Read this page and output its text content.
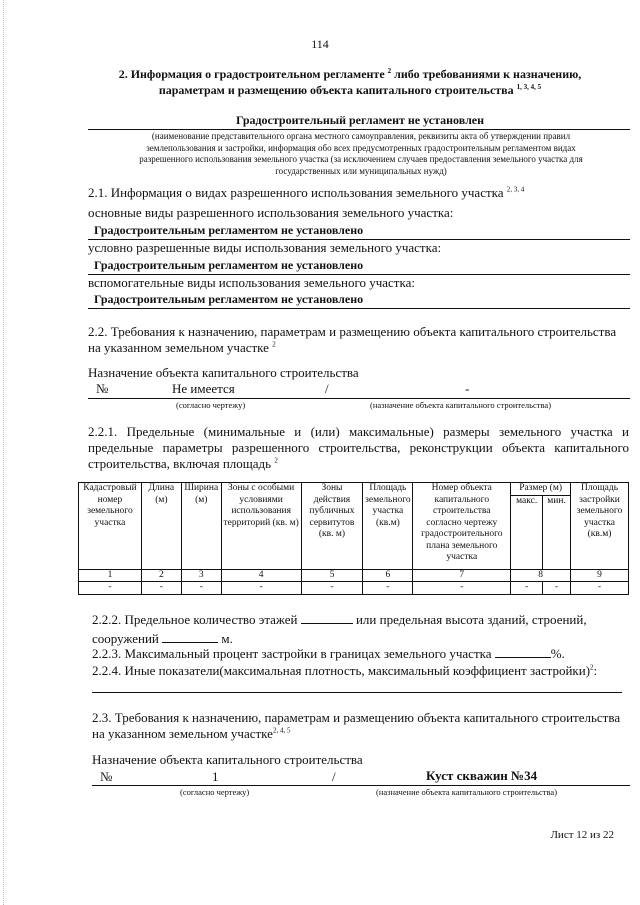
114
2. Информация о градостроительном регламенте $^2$ либо требованиями к назначению,
параметрам и размещению объекта капитального строительства $^{1, 3, 4, 5}$
Градостроительный регламент не установлен
(наименование представительного органа местного самоуправления, реквизиты акта об утверждении правил
землепользования и застройки, информация обо всех предусмотренных градостроительным регламентом видах
разрешенного использования земельного участка (за исключением случаев предоставления земельного участка для
государственных или муниципальных нужд)
2.1. Информация о видах разрешенного использования земельного участка $^{2, 3, 4}$
основные виды разрешенного использования земельного участка:
Градостроительным регламентом не установлено
условно разрешенные виды использования земельного участка:
Градостроительным регламентом не установлено
вспомогательные виды использования земельного участка:
Градостроительным регламентом не установлено
2.2. Требования к назначению, параметрам и размещению объекта капитального строительства
на указанном земельном участке $^2$
Назначение объекта капитального строительства
№	Не имеется	/	-
(согласно чертежу)	(назначение объекта капитального строительства)
2.2.1. Предельные (минимальные и (или) максимальные) размеры земельного участка и
предельные параметры разрешенного строительства, реконструкции объекта капитального
строительства, включая площадь $^2$
Кадастровый номер земельного участка	Длина (м)	Ширина (м)	Зоны с особыми условиями использования территорий (кв. м)	Зоны действия публичных сервитутов (кв. м)	Площадь земельного участка (кв.м)	Номер объекта капитального строительства согласно чертежу градостроительного плана земельного участка	Размер (м)		Площадь застройки земельного участка (кв.м)
							макс.	мин.	
1	2	3	4	5	6	7	8		9
-	-	-	-	-	-	-	-	-	-
2.2.2. Предельное количество этажей	или предельная высота зданий, строений,
сооружений	м.
2.2.3. Максимальный процент застройки в границах земельного участка	%.
2.2.4. Иные показатели(максимальная плотность, максимальный коэффициент застройки)$^2$:
2.3. Требования к назначению, параметрам и размещению объекта капитального строительства
на указанном земельном участке$^{2, 4, 5}$
Назначение объекта капитального строительства
№	1	/	Куст скважин №34
(согласно чертежу)	(назначение объекта капитального строительства)
Лист 12 из 22
